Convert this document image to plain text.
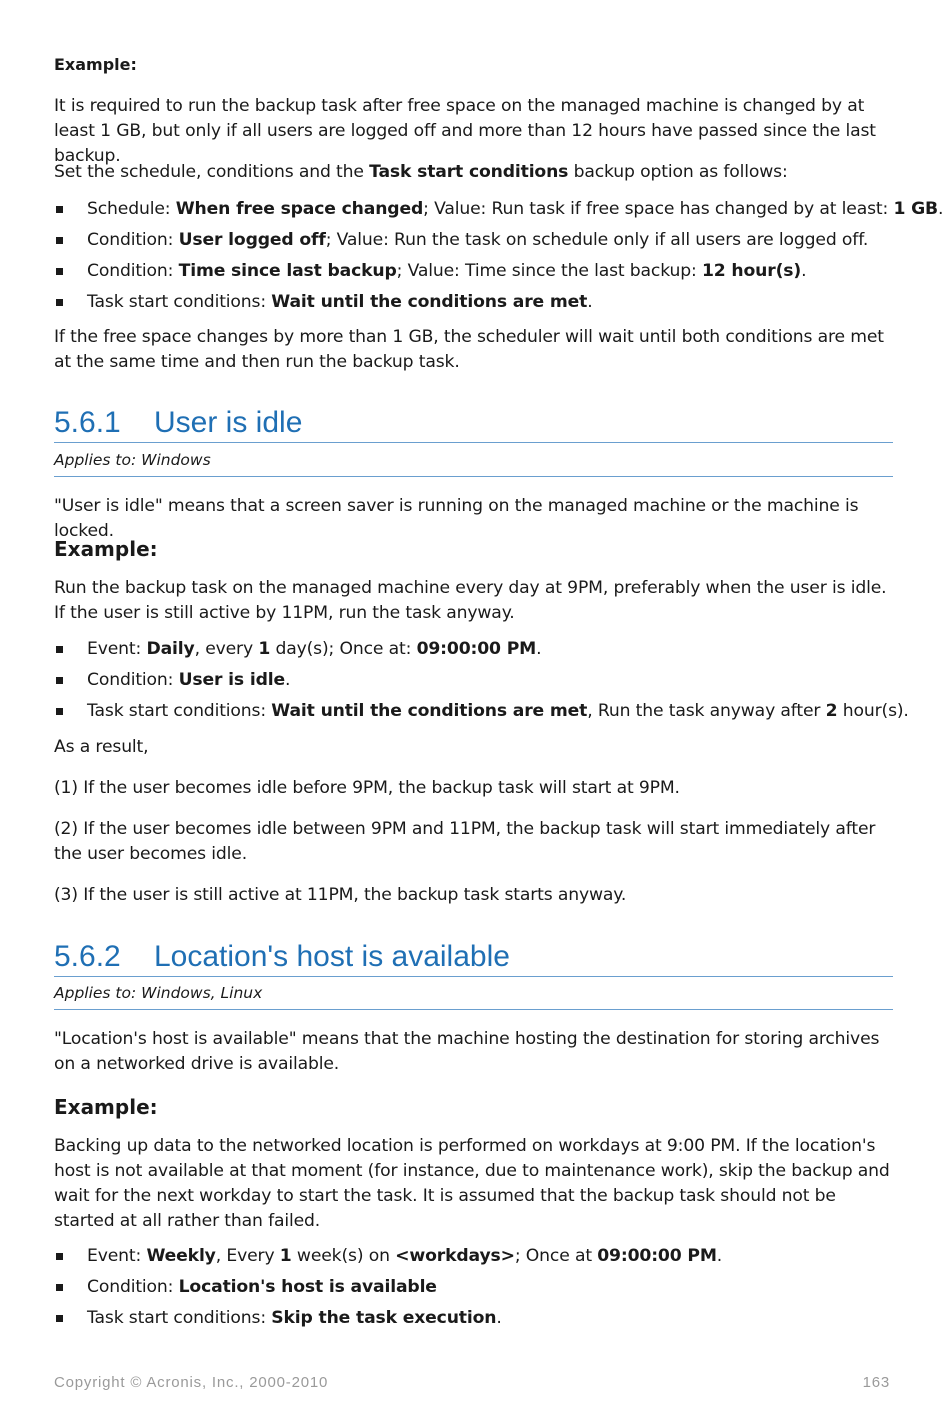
Example:

It is required to run the backup task after free space on the managed machine is changed by at least 1 GB, but only if all users are logged off and more than 12 hours have passed since the last backup.

Set the schedule, conditions and the Task start conditions backup option as follows:

Schedule: When free space changed; Value: Run task if free space has changed by at least: 1 GB.
Condition: User logged off; Value: Run the task on schedule only if all users are logged off.
Condition: Time since last backup; Value: Time since the last backup: 12 hour(s).
Task start conditions: Wait until the conditions are met.

If the free space changes by more than 1 GB, the scheduler will wait until both conditions are met at the same time and then run the backup task.

5.6.1 User is idle
Applies to: Windows

"User is idle" means that a screen saver is running on the managed machine or the machine is locked.

Example:

Run the backup task on the managed machine every day at 9PM, preferably when the user is idle. If the user is still active by 11PM, run the task anyway.

Event: Daily, every 1 day(s); Once at: 09:00:00 PM.
Condition: User is idle.
Task start conditions: Wait until the conditions are met, Run the task anyway after 2 hour(s).

As a result,

(1) If the user becomes idle before 9PM, the backup task will start at 9PM.

(2) If the user becomes idle between 9PM and 11PM, the backup task will start immediately after the user becomes idle.

(3) If the user is still active at 11PM, the backup task starts anyway.

5.6.2 Location's host is available
Applies to: Windows, Linux

"Location's host is available" means that the machine hosting the destination for storing archives on a networked drive is available.

Example:

Backing up data to the networked location is performed on workdays at 9:00 PM. If the location's host is not available at that moment (for instance, due to maintenance work), skip the backup and wait for the next workday to start the task. It is assumed that the backup task should not be started at all rather than failed.

Event: Weekly, Every 1 week(s) on <workdays>; Once at 09:00:00 PM.
Condition: Location's host is available
Task start conditions: Skip the task execution.
Copyright © Acronis, Inc., 2000-2010	163
